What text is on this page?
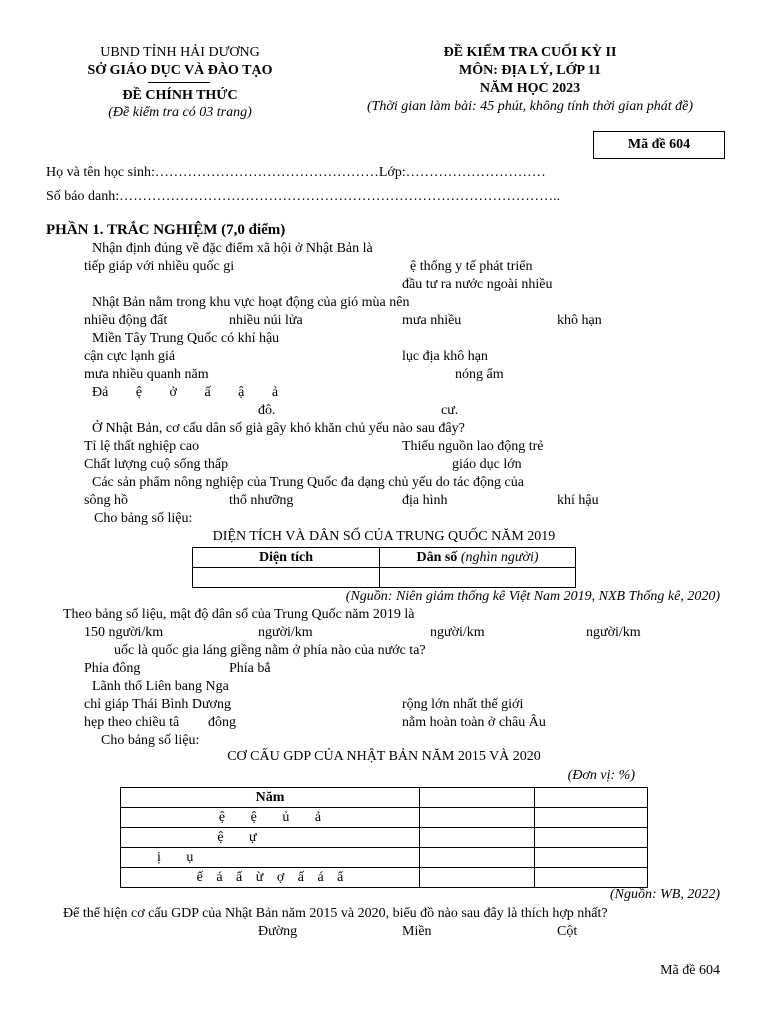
UBND TỈNH HẢI DƯƠNG
SỞ GIÁO DỤC VÀ ĐÀO TẠO
ĐỀ CHÍNH THỨC
(Đề kiểm tra có 03 trang)
ĐỀ KIỂM TRA CUỐI KỲ II
MÔN: ĐỊA LÝ, LỚP 11
NĂM HỌC 2023
(Thời gian làm bài: 45 phút, không tính thời gian phát đề)
Mã đề 604
Họ và tên học sinh:…………………………………………Lớp:…………………………
Số báo danh:…………………………………………………………………………………..
PHẦN 1. TRẮC NGHIỆM (7,0 điểm)
Nhận định đúng về đặc điểm xã hội ở Nhật Bản là
tiếp giáp với nhiều quốc gi	ệ thống y tế phát triển
đầu tư ra nước ngoài nhiều
Nhật Bản nằm trong khu vực hoạt động của gió mùa nên
nhiều động đất	nhiều núi lửa	mưa nhiều	khô hạn
Miền Tây Trung Quốc có khí hậu
cận cực lạnh giá	lục địa khô hạn
mưa nhiều quanh năm	nóng ẩm
Đả ệ ở ấ ậ ả
đô.	cư.
Ở Nhật Bản, cơ cấu dân số già gây khó khăn chủ yếu nào sau đây?
Tỉ lệ thất nghiệp cao	Thiếu nguồn lao động trẻ
Chất lượng cuộ sống thấp	giáo dục lớn
Các sản phẩm nông nghiệp của Trung Quốc đa dạng chủ yếu do tác động của
sông hồ	thổ nhưỡng	địa hình	khí hậu
Cho bảng số liệu:
DIỆN TÍCH VÀ DÂN SỐ CỦA TRUNG QUỐC NĂM 2019
Diện tích	Dân số (nghìn người)

(Nguồn: Niên giám thống kê Việt Nam 2019, NXB Thống kê, 2020)
Theo bảng số liệu, mật độ dân số của Trung Quốc năm 2019 là
150 người/km	người/km	người/km	người/km
uốc là quốc gia láng giềng nằm ở phía nào của nước ta?
Phía đông	Phía bắ
Lãnh thổ Liên bang Nga
chỉ giáp Thái Bình Dương	rộng lớn nhất thế giới
hẹp theo chiều tâ đông	nằm hoàn toàn ở châu Âu
Cho bảng số liệu:
CƠ CẤU GDP CỦA NHẬT BẢN NĂM 2015 VÀ 2020
(Đơn vị: %)
Năm		
ệ ệ ủ ả		
ệ ự		
ị ụ		
ế á ẩ ừ ợ ấ á ẩ		
(Nguồn: WB, 2022)
Để thể hiện cơ cấu GDP của Nhật Bản năm 2015 và 2020, biểu đồ nào sau đây là thích hợp nhất?
Đường	Miền	Cột
Mã đề 604
